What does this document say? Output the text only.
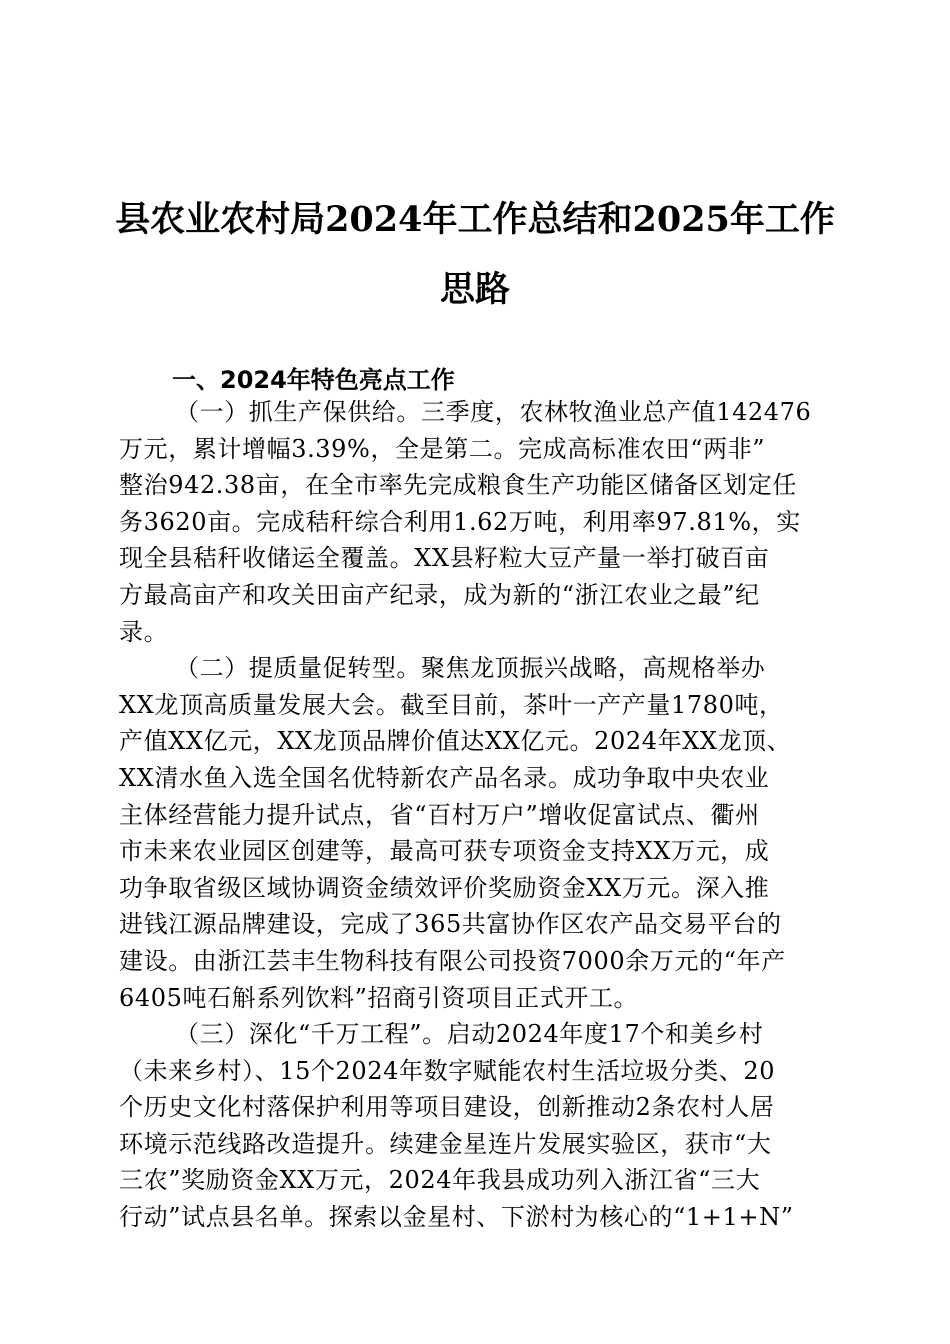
县农业农村局2024年工作总结和2025年工作
思路
一、2024年特色亮点工作

（一）抓生产保供给。三季度，农林牧渔业总产值142476
万元，累计增幅3.39%，全是第二。完成高标准农田“两非”
整治942.38亩，在全市率先完成粮食生产功能区储备区划定任
务3620亩。完成秸秆综合利用1.62万吨，利用率97.81%，实
现全县秸秆收储运全覆盖。XX县籽粒大豆产量一举打破百亩
方最高亩产和攻关田亩产纪录，成为新的“浙江农业之最”纪
录。

（二）提质量促转型。聚焦龙顶振兴战略，高规格举办
XX龙顶高质量发展大会。截至目前，茶叶一产产量1780吨，
产值XX亿元，XX龙顶品牌价值达XX亿元。2024年XX龙顶、
XX清水鱼入选全国名优特新农产品名录。成功争取中央农业
主体经营能力提升试点，省“百村万户”增收促富试点、衢州
市未来农业园区创建等，最高可获专项资金支持XX万元，成
功争取省级区域协调资金绩效评价奖励资金XX万元。深入推
进钱江源品牌建设，完成了365共富协作区农产品交易平台的
建设。由浙江芸丰生物科技有限公司投资7000余万元的“年产
6405吨石斛系列饮料”招商引资项目正式开工。

（三）深化“千万工程”。启动2024年度17个和美乡村
（未来乡村）、15个2024年数字赋能农村生活垃圾分类、20
个历史文化村落保护利用等项目建设，创新推动2条农村人居
环境示范线路改造提升。续建金星连片发展实验区，获市“大
三农”奖励资金XX万元，2024年我县成功列入浙江省“三大
行动”试点县名单。探索以金星村、下淤村为核心的“1+1+N”
